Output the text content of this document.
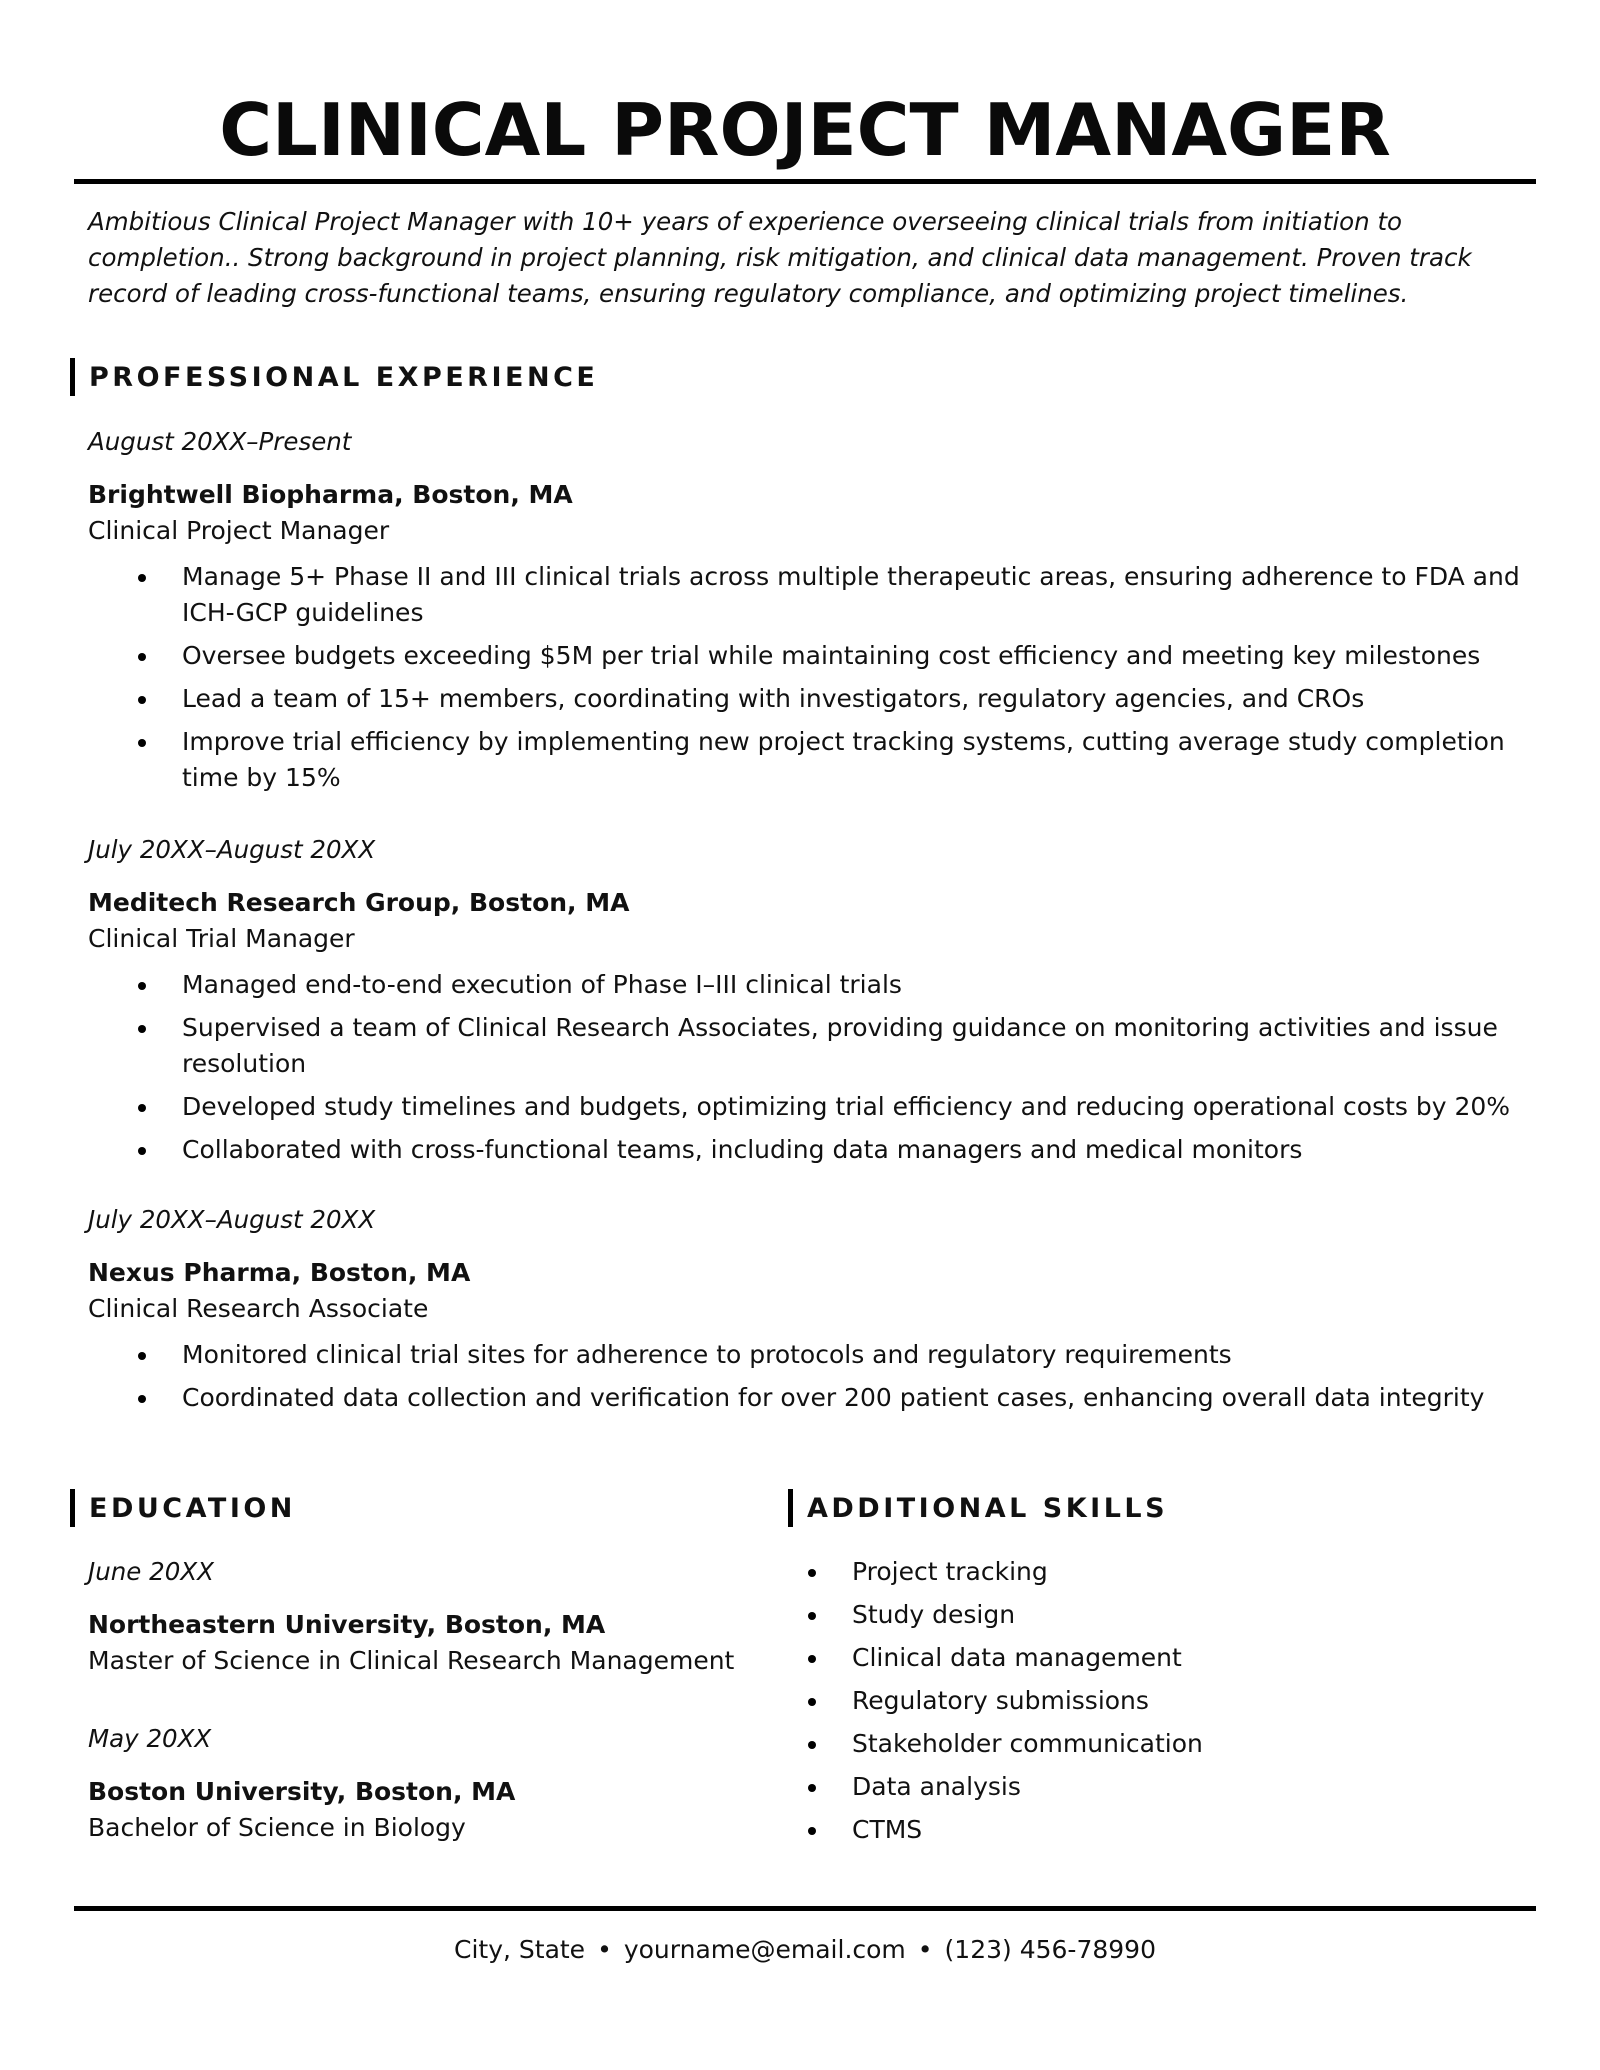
CLINICAL PROJECT MANAGER

Ambitious Clinical Project Manager with 10+ years of experience overseeing clinical trials from initiation to completion.. Strong background in project planning, risk mitigation, and clinical data management. Proven track record of leading cross-functional teams, ensuring regulatory compliance, and optimizing project timelines.

PROFESSIONAL EXPERIENCE

August 20XX–Present

Brightwell Biopharma, Boston, MA

Clinical Project Manager

Manage 5+ Phase II and III clinical trials across multiple therapeutic areas, ensuring adherence to FDA and ICH-GCP guidelines
Oversee budgets exceeding $5M per trial while maintaining cost efficiency and meeting key milestones
Lead a team of 15+ members, coordinating with investigators, regulatory agencies, and CROs
Improve trial efficiency by implementing new project tracking systems, cutting average study completion time by 15%

July 20XX–August 20XX

Meditech Research Group, Boston, MA

Clinical Trial Manager

Managed end-to-end execution of Phase I–III clinical trials
Supervised a team of Clinical Research Associates, providing guidance on monitoring activities and issue resolution
Developed study timelines and budgets, optimizing trial efficiency and reducing operational costs by 20%
Collaborated with cross-functional teams, including data managers and medical monitors

July 20XX–August 20XX

Nexus Pharma, Boston, MA

Clinical Research Associate

Monitored clinical trial sites for adherence to protocols and regulatory requirements
Coordinated data collection and verification for over 200 patient cases, enhancing overall data integrity
EDUCATION

June 20XX

Northeastern University, Boston, MA

Master of Science in Clinical Research Management

May 20XX

Boston University, Boston, MA

Bachelor of Science in Biology

ADDITIONAL SKILLS
Project tracking
Study design
Clinical data management
Regulatory submissions
Stakeholder communication
Data analysis
CTMS

City, State • yourname@email.com • (123) 456-78990
